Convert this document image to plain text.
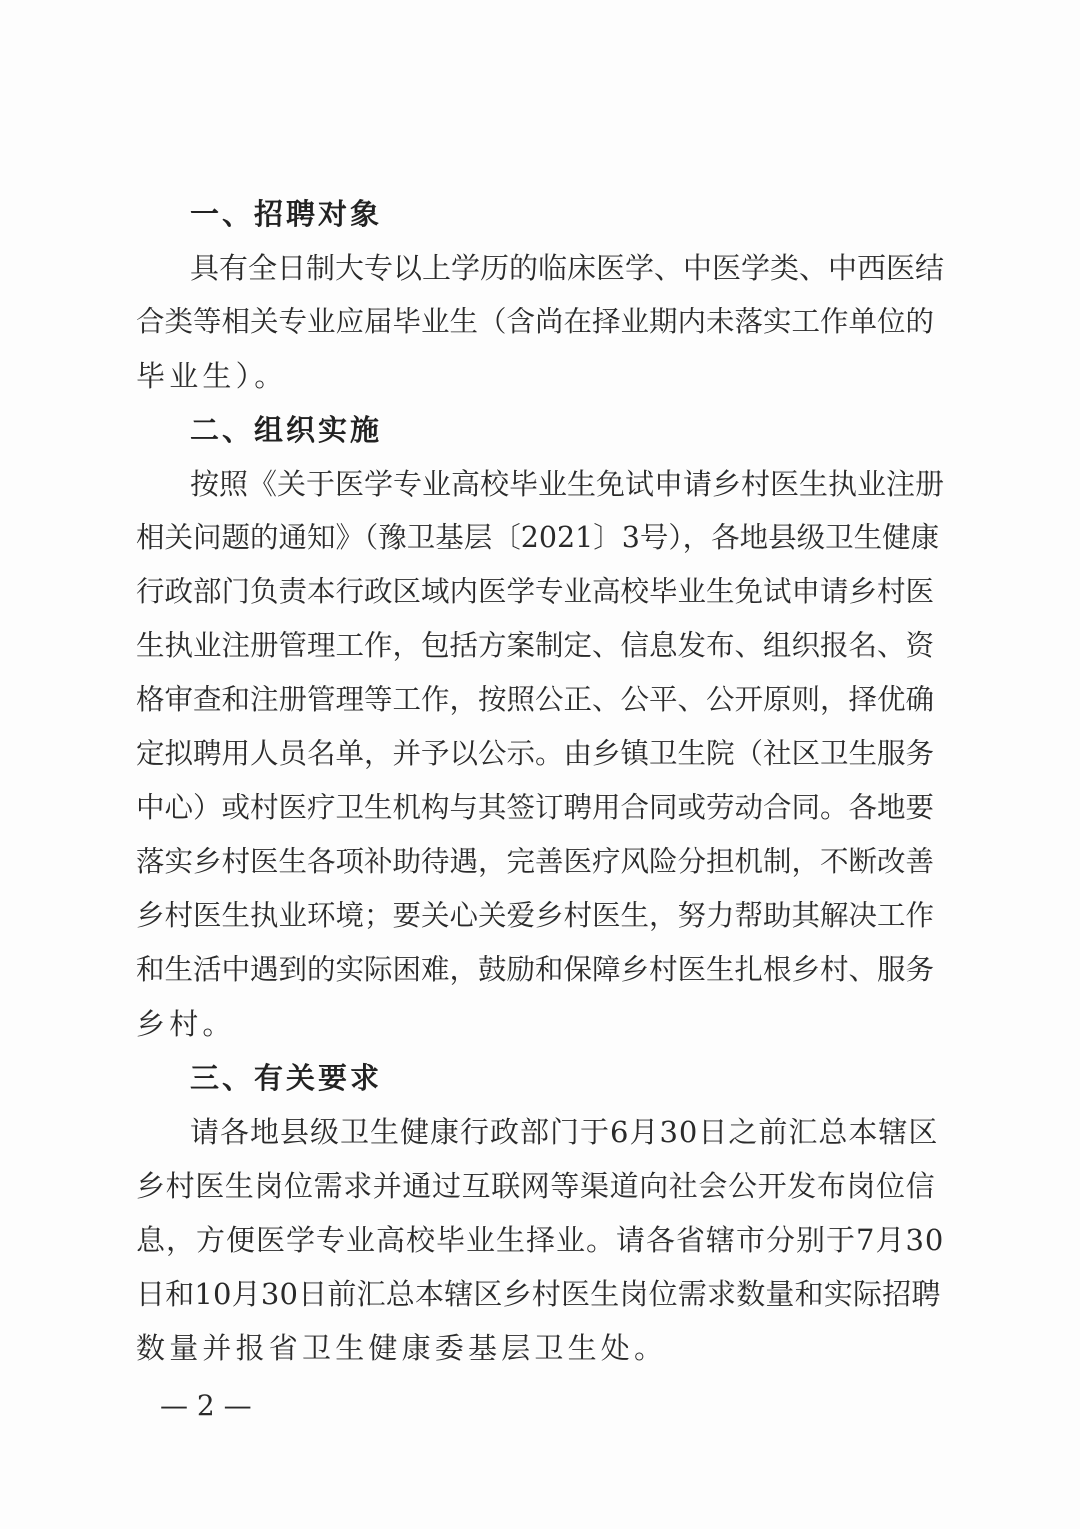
一、招聘对象
具有全日制大专以上学历的临床医学、中医学类、中西医结
合类等相关专业应届毕业生（含尚在择业期内未落实工作单位的
毕业生）。
二、组织实施
按照《关于医学专业高校毕业生免试申请乡村医生执业注册
相关问题的通知》（豫卫基层〔2021〕3号），各地县级卫生健康
行政部门负责本行政区域内医学专业高校毕业生免试申请乡村医
生执业注册管理工作，包括方案制定、信息发布、组织报名、资
格审查和注册管理等工作，按照公正、公平、公开原则，择优确
定拟聘用人员名单，并予以公示。由乡镇卫生院（社区卫生服务
中心）或村医疗卫生机构与其签订聘用合同或劳动合同。各地要
落实乡村医生各项补助待遇，完善医疗风险分担机制，不断改善
乡村医生执业环境；要关心关爱乡村医生，努力帮助其解决工作
和生活中遇到的实际困难，鼓励和保障乡村医生扎根乡村、服务
乡村。
三、有关要求
请各地县级卫生健康行政部门于6月30日之前汇总本辖区
乡村医生岗位需求并通过互联网等渠道向社会公开发布岗位信
息，方便医学专业高校毕业生择业。请各省辖市分别于7月30
日和10月30日前汇总本辖区乡村医生岗位需求数量和实际招聘
数量并报省卫生健康委基层卫生处。
— 2 —
